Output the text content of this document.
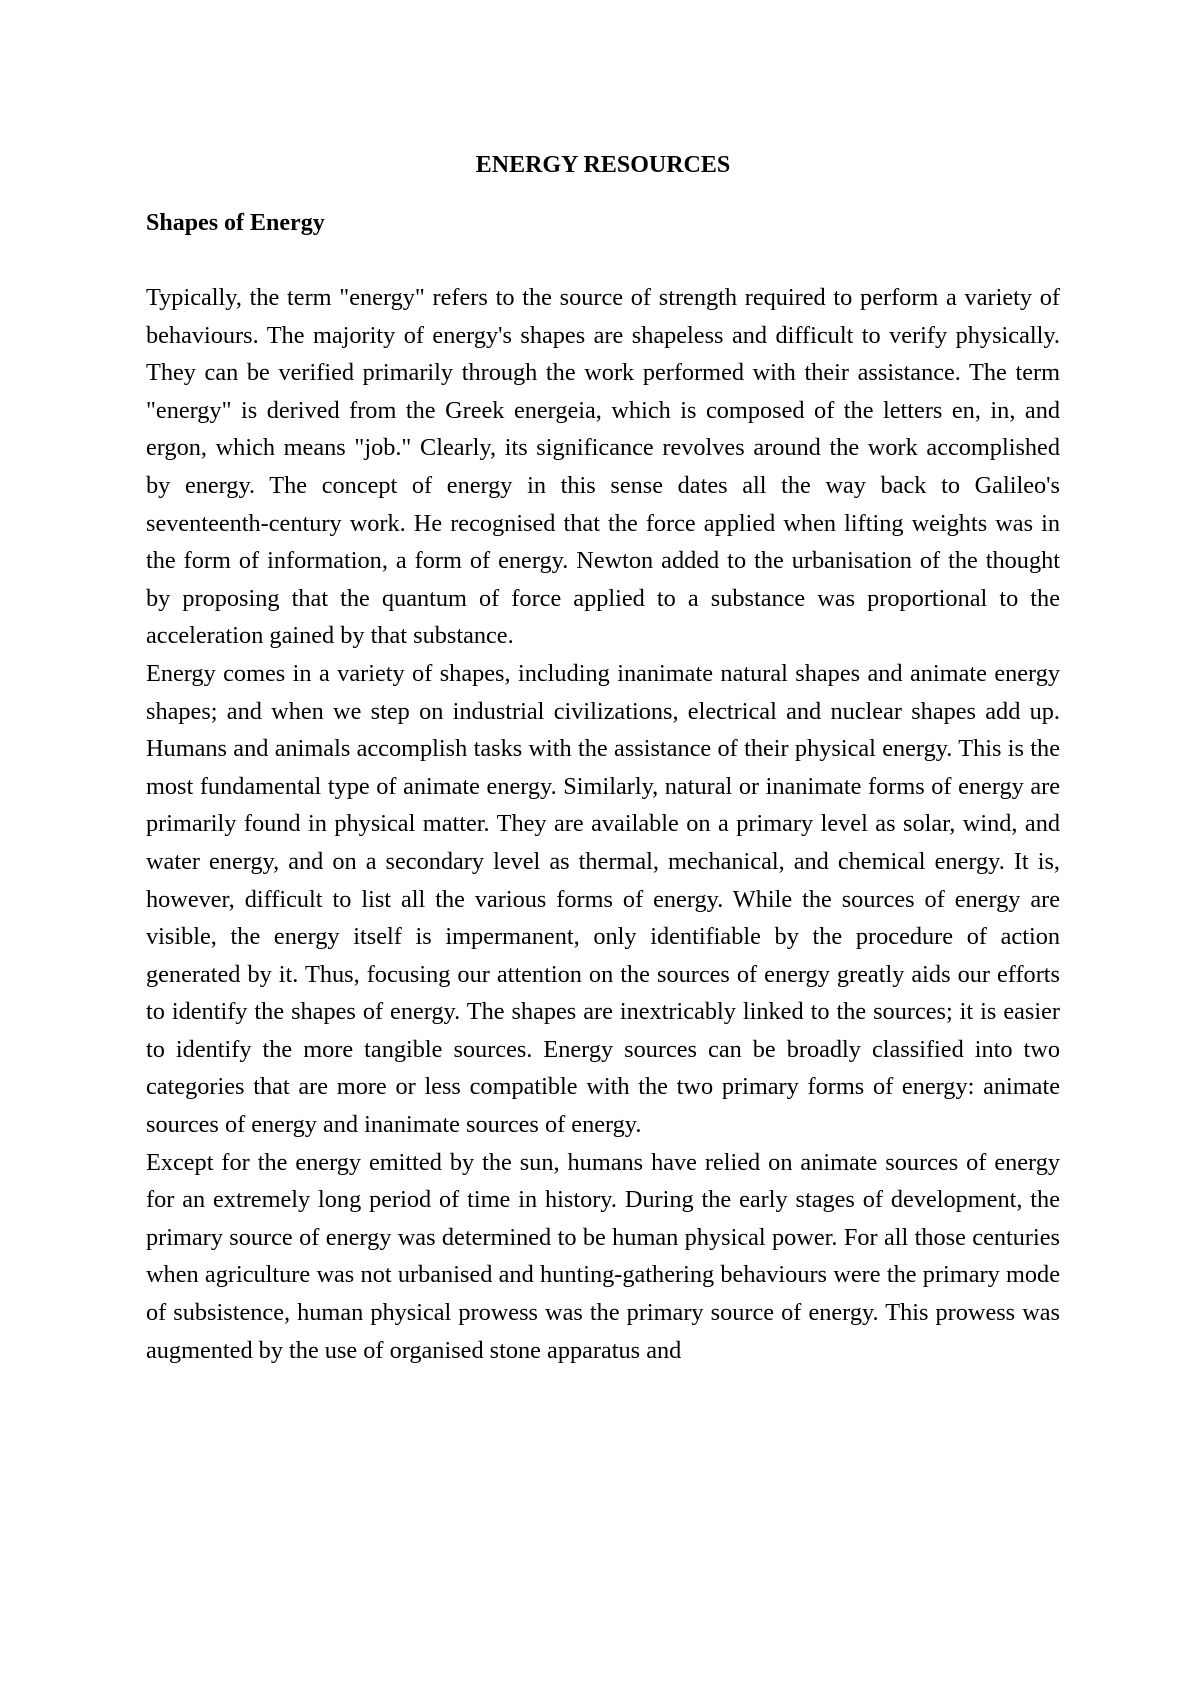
ENERGY RESOURCES
Shapes of Energy

Typically, the term "energy" refers to the source of strength required to perform a variety of behaviours. The majority of energy's shapes are shapeless and difficult to verify physically. They can be verified primarily through the work performed with their assistance. The term "energy" is derived from the Greek energeia, which is composed of the letters en, in, and ergon, which means "job." Clearly, its significance revolves around the work accomplished by energy. The concept of energy in this sense dates all the way back to Galileo's seventeenth-century work. He recognised that the force applied when lifting weights was in the form of information, a form of energy. Newton added to the urbanisation of the thought by proposing that the quantum of force applied to a substance was proportional to the acceleration gained by that substance.

Energy comes in a variety of shapes, including inanimate natural shapes and animate energy shapes; and when we step on industrial civilizations, electrical and nuclear shapes add up. Humans and animals accomplish tasks with the assistance of their physical energy. This is the most fundamental type of animate energy. Similarly, natural or inanimate forms of energy are primarily found in physical matter. They are available on a primary level as solar, wind, and water energy, and on a secondary level as thermal, mechanical, and chemical energy. It is, however, difficult to list all the various forms of energy. While the sources of energy are visible, the energy itself is impermanent, only identifiable by the procedure of action generated by it. Thus, focusing our attention on the sources of energy greatly aids our efforts to identify the shapes of energy. The shapes are inextricably linked to the sources; it is easier to identify the more tangible sources. Energy sources can be broadly classified into two categories that are more or less compatible with the two primary forms of energy: animate sources of energy and inanimate sources of energy.

Except for the energy emitted by the sun, humans have relied on animate sources of energy for an extremely long period of time in history. During the early stages of development, the primary source of energy was determined to be human physical power. For all those centuries when agriculture was not urbanised and hunting-gathering behaviours were the primary mode of subsistence, human physical prowess was the primary source of energy. This prowess was augmented by the use of organised stone apparatus and
